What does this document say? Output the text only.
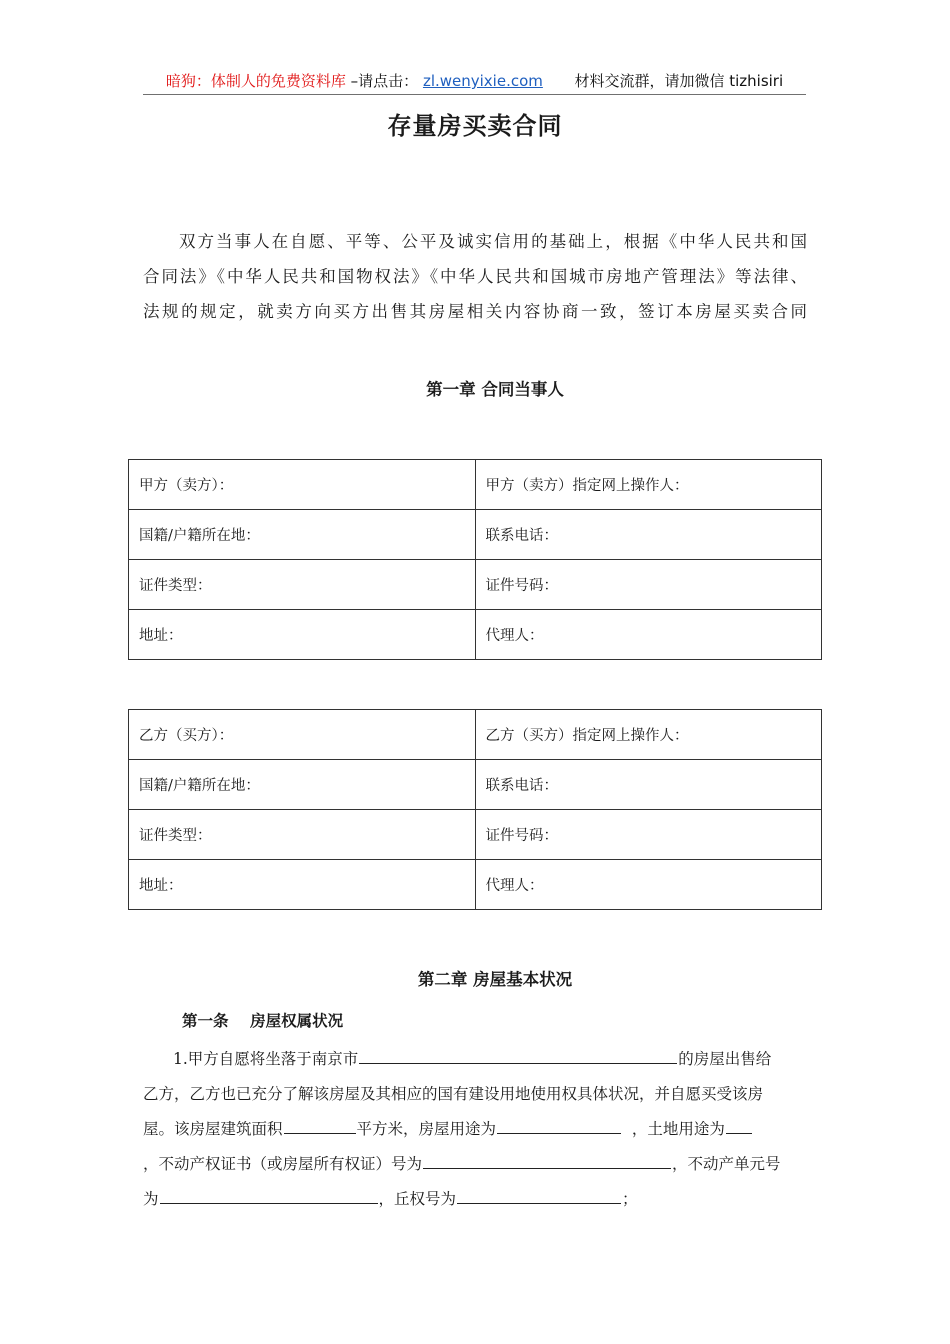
暗狗：体制人的免费资料库 –请点击： zl.wenyixie.com 材料交流群，请加微信 tizhisiri
存量房买卖合同
双方当事人在自愿、平等、公平及诚实信用的基础上，根据《中华人民共和国
合同法》《中华人民共和国物权法》《中华人民共和国城市房地产管理法》等法律、
法规的规定，就卖方向买方出售其房屋相关内容协商一致，签订本房屋买卖合同
第一章 合同当事人
甲方（卖方）：	甲方（卖方）指定网上操作人：
国籍/户籍所在地：	联系电话：
证件类型：	证件号码：
地址：	代理人：
乙方（买方）：	乙方（买方）指定网上操作人：
国籍/户籍所在地：	联系电话：
证件类型：	证件号码：
地址：	代理人：
第二章 房屋基本状况
第一条    房屋权属状况
1.甲方自愿将坐落于南京市	的房屋出售给
乙方，乙方也已充分了解该房屋及其相应的国有建设用地使用权具体状况，并自愿买受该房
屋。该房屋建筑面积	平方米，房屋用途为	，土地用途为
，不动产权证书（或房屋所有权证）号为	，不动产单元号
为	，丘权号为	；
